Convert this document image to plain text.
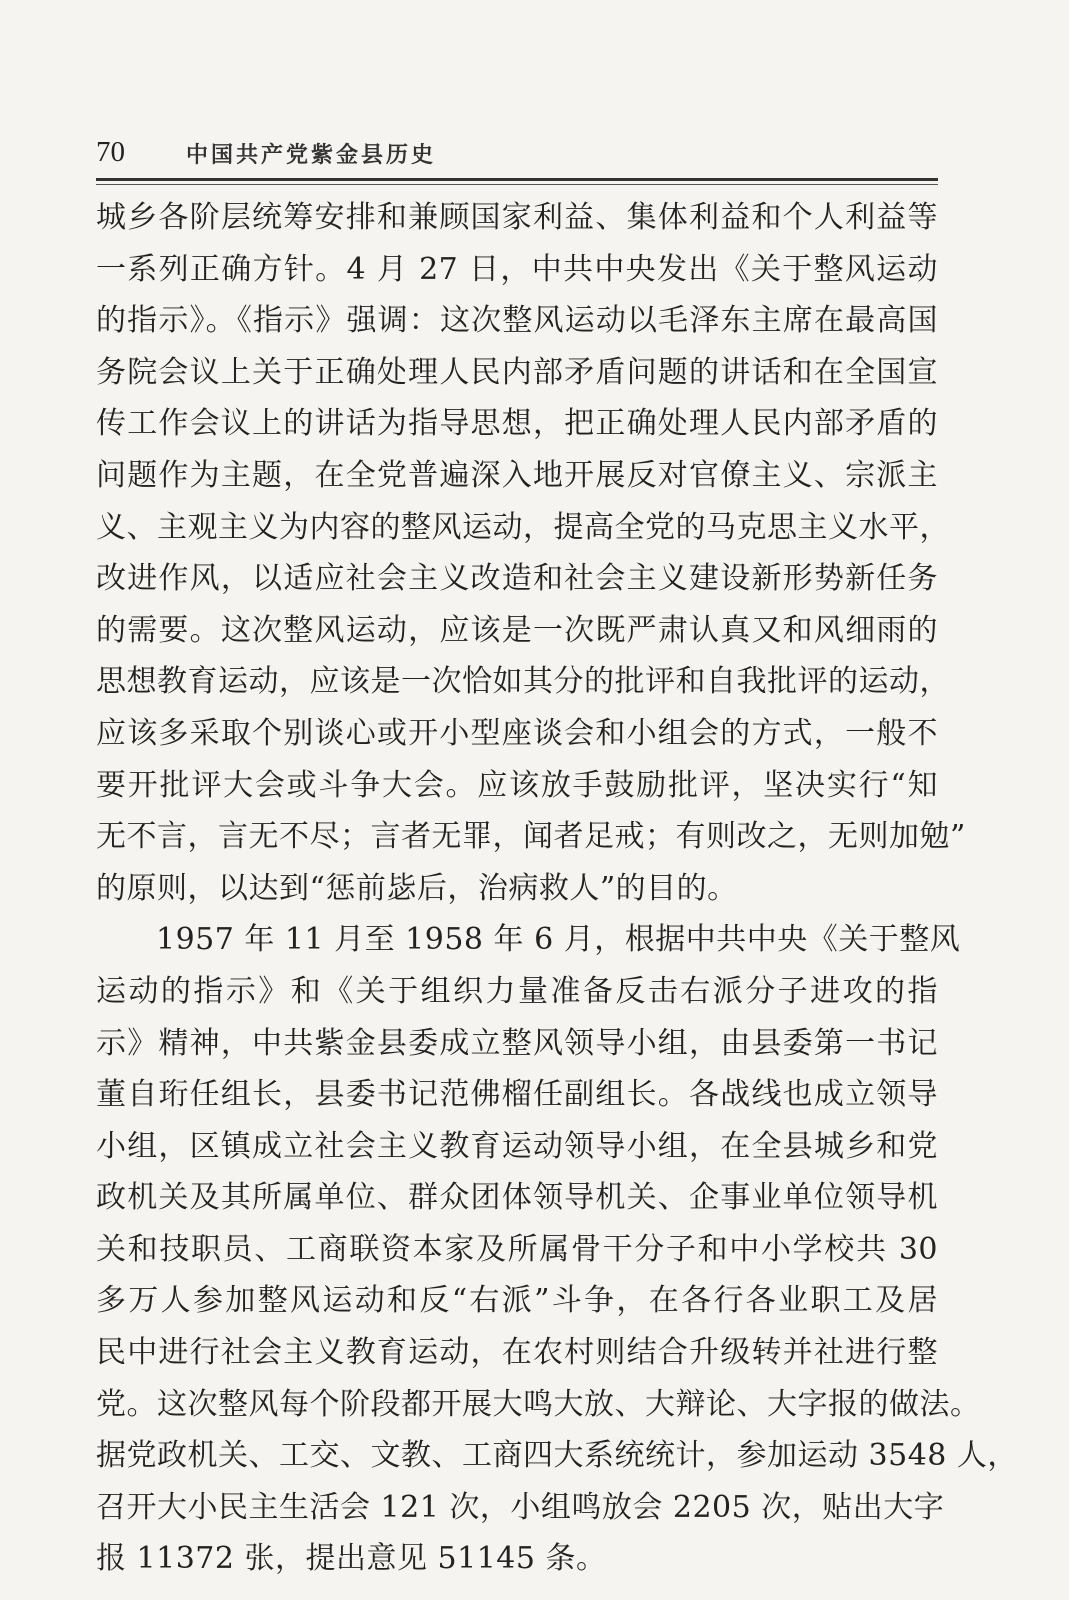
70	中国共产党紫金县历史
城乡各阶层统筹安排和兼顾国家利益、集体利益和个人利益等
一系列正确方针。4 月 27 日，中共中央发出《关于整风运动
的指示》。《指示》强调：这次整风运动以毛泽东主席在最高国
务院会议上关于正确处理人民内部矛盾问题的讲话和在全国宣
传工作会议上的讲话为指导思想，把正确处理人民内部矛盾的
问题作为主题，在全党普遍深入地开展反对官僚主义、宗派主
义、主观主义为内容的整风运动，提高全党的马克思主义水平，
改进作风，以适应社会主义改造和社会主义建设新形势新任务
的需要。这次整风运动，应该是一次既严肃认真又和风细雨的
思想教育运动，应该是一次恰如其分的批评和自我批评的运动，
应该多采取个别谈心或开小型座谈会和小组会的方式，一般不
要开批评大会或斗争大会。应该放手鼓励批评，坚决实行“知
无不言，言无不尽；言者无罪，闻者足戒；有则改之，无则加勉”
的原则，以达到“惩前毖后，治病救人”的目的。
1957 年 11 月至 1958 年 6 月，根据中共中央《关于整风
运动的指示》和《关于组织力量准备反击右派分子进攻的指
示》精神，中共紫金县委成立整风领导小组，由县委第一书记
董自珩任组长，县委书记范佛榴任副组长。各战线也成立领导
小组，区镇成立社会主义教育运动领导小组，在全县城乡和党
政机关及其所属单位、群众团体领导机关、企事业单位领导机
关和技职员、工商联资本家及所属骨干分子和中小学校共 30
多万人参加整风运动和反“右派”斗争，在各行各业职工及居
民中进行社会主义教育运动，在农村则结合升级转并社进行整
党。这次整风每个阶段都开展大鸣大放、大辩论、大字报的做法。
据党政机关、工交、文教、工商四大系统统计，参加运动 3548 人，
召开大小民主生活会 121 次，小组鸣放会 2205 次，贴出大字
报 11372 张，提出意见 51145 条。
